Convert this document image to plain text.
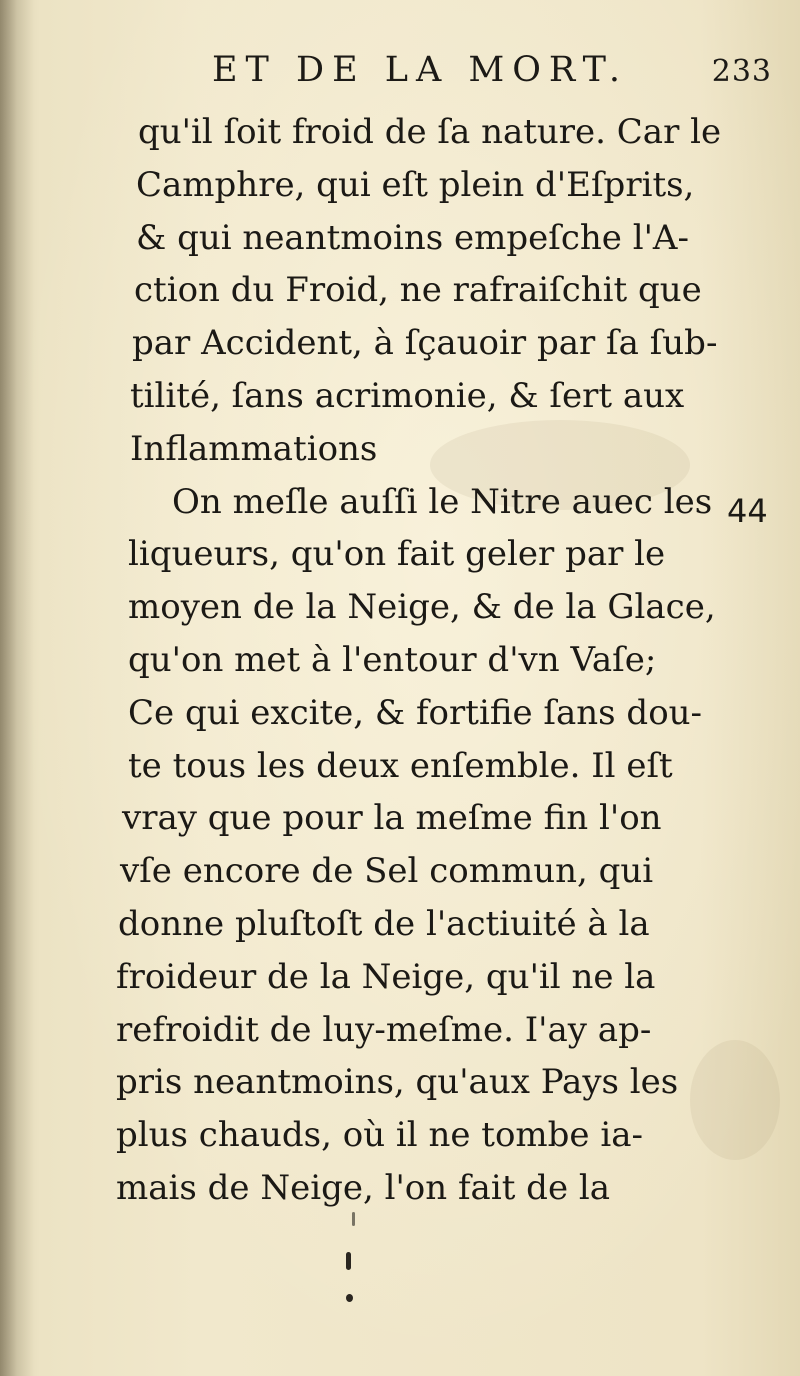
ET DE LA MORT.	233
qu'il ſoit froid de ſa nature. Car le
Camphre, qui eſt plein d'Eſprits,
& qui neantmoins empeſche l'A-
ction du Froid, ne rafraiſchit que
par Accident, à ſçauoir par ſa ſub-
tilité, ſans acrimonie, & ſert aux
Inflammations
On meſle auſſi le Nitre auec les
liqueurs, qu'on fait geler par le
moyen de la Neige, & de la Glace,
qu'on met à l'entour d'vn Vaſe;
Ce qui excite, & fortifie ſans dou-
te tous les deux enſemble. Il eſt
vray que pour la meſme fin l'on
vſe encore de Sel commun, qui
donne pluſtoſt de l'actiuité à la
froideur de la Neige, qu'il ne la
refroidit de luy-meſme. I'ay ap-
pris neantmoins, qu'aux Pays les
plus chauds, où il ne tombe ia-
mais de Neige, l'on fait de la
44
